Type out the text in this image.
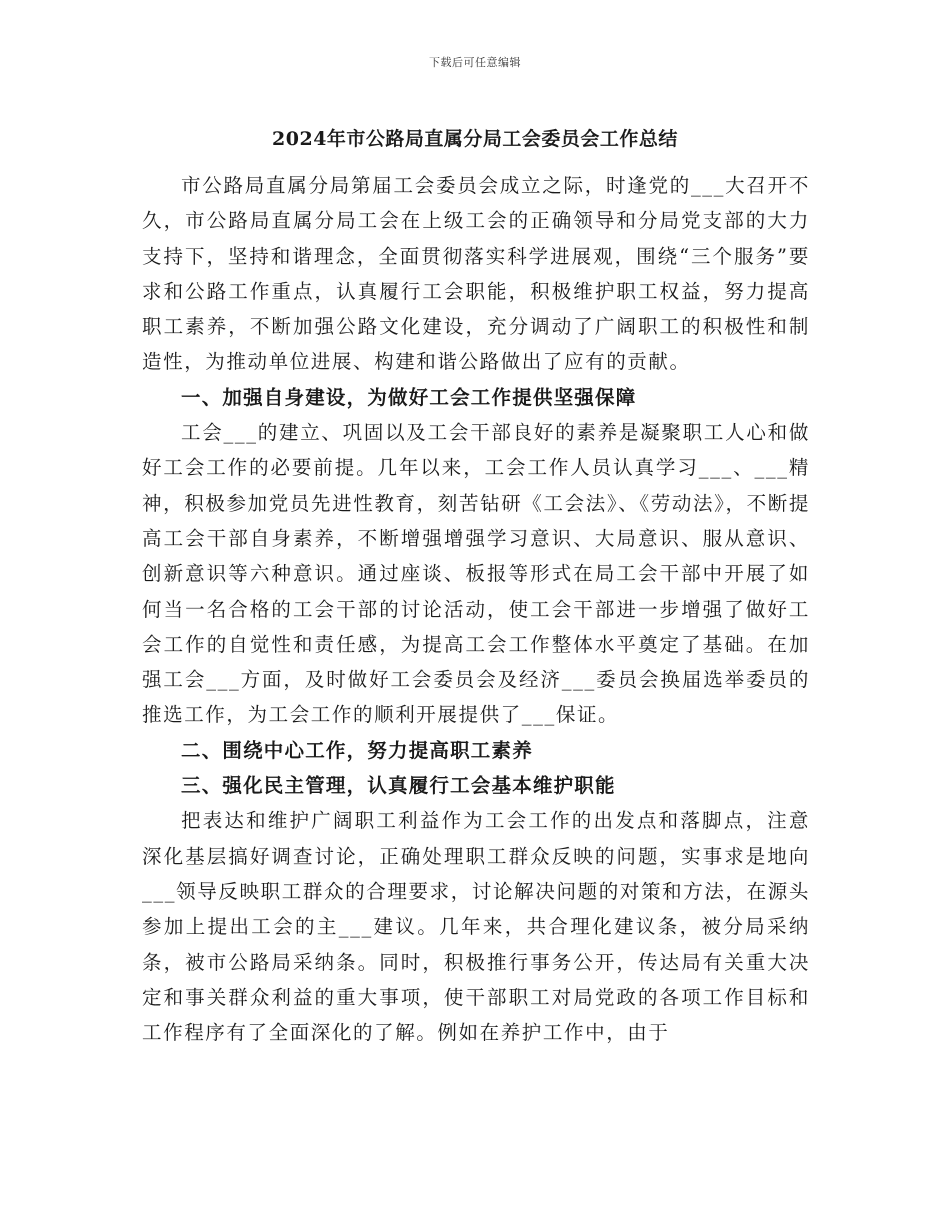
下载后可任意编辑
2024年市公路局直属分局工会委员会工作总结

市公路局直属分局第届工会委员会成立之际，时逢党的___大召开不久，市公路局直属分局工会在上级工会的正确领导和分局党支部的大力支持下，坚持和谐理念，全面贯彻落实科学进展观，围绕“三个服务”要求和公路工作重点，认真履行工会职能，积极维护职工权益，努力提高职工素养，不断加强公路文化建设，充分调动了广阔职工的积极性和制造性，为推动单位进展、构建和谐公路做出了应有的贡献。

一、加强自身建设，为做好工会工作提供坚强保障

工会___的建立、巩固以及工会干部良好的素养是凝聚职工人心和做好工会工作的必要前提。几年以来，工会工作人员认真学习___、___精神，积极参加党员先进性教育，刻苦钻研《工会法》、《劳动法》，不断提高工会干部自身素养，不断增强增强学习意识、大局意识、服从意识、创新意识等六种意识。通过座谈、板报等形式在局工会干部中开展了如何当一名合格的工会干部的讨论活动，使工会干部进一步增强了做好工会工作的自觉性和责任感，为提高工会工作整体水平奠定了基础。在加强工会___方面，及时做好工会委员会及经济___委员会换届选举委员的推选工作，为工会工作的顺利开展提供了___保证。

二、围绕中心工作，努力提高职工素养
三、强化民主管理，认真履行工会基本维护职能

把表达和维护广阔职工利益作为工会工作的出发点和落脚点，注意深化基层搞好调查讨论，正确处理职工群众反映的问题，实事求是地向___领导反映职工群众的合理要求，讨论解决问题的对策和方法，在源头参加上提出工会的主___建议。几年来，共合理化建议条，被分局采纳条，被市公路局采纳条。同时，积极推行事务公开，传达局有关重大决定和事关群众利益的重大事项，使干部职工对局党政的各项工作目标和工作程序有了全面深化的了解。例如在养护工作中，由于
